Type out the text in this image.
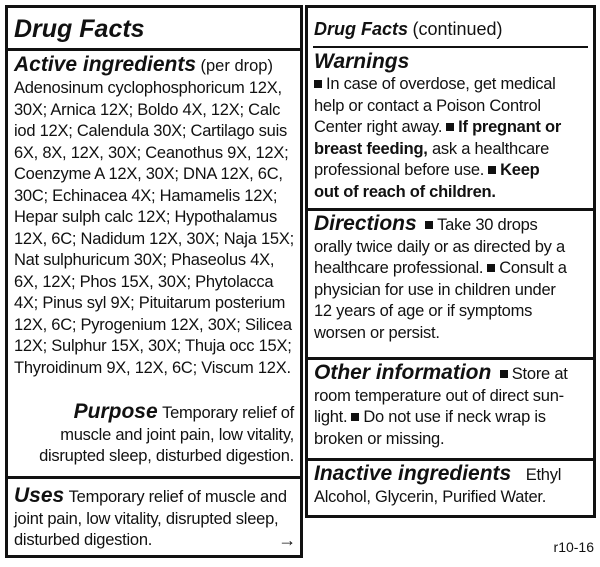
Drug Facts
Active ingredients (per drop)
Adenosinum cyclophosphoricum 12X,
30X; Arnica 12X; Boldo 4X, 12X; Calc
iod 12X; Calendula 30X; Cartilago suis
6X, 8X, 12X, 30X; Ceanothus 9X, 12X;
Coenzyme A 12X, 30X; DNA 12X, 6C,
30C; Echinacea 4X; Hamamelis 12X;
Hepar sulph calc 12X; Hypothalamus
12X, 6C; Nadidum 12X, 30X; Naja 15X;
Nat sulphuricum 30X; Phaseolus 4X,
6X, 12X; Phos 15X, 30X; Phytolacca
4X; Pinus syl 9X; Pituitarum posterium
12X, 6C; Pyrogenium 12X, 30X; Silicea
12X; Sulphur 15X, 30X; Thuja occ 15X;
Thyroidinum 9X, 12X, 6C; Viscum 12X.
Purpose Temporary relief of
muscle and joint pain, low vitality,
disrupted sleep, disturbed digestion.
Uses Temporary relief of muscle and
joint pain, low vitality, disrupted sleep,
disturbed digestion.	→
Drug Facts (continued)
Warnings
In case of overdose, get medical
help or contact a Poison Control
Center right away. If pregnant or
breast feeding, ask a healthcare
professional before use. Keep
out of reach of children.
Directions Take 30 drops
orally twice daily or as directed by a
healthcare professional. Consult a
physician for use in children under
12 years of age or if symptoms
worsen or persist.
Other information Store at
room temperature out of direct sun-
light. Do not use if neck wrap is
broken or missing.
Inactive ingredients Ethyl
Alcohol, Glycerin, Purified Water.
r10-16
